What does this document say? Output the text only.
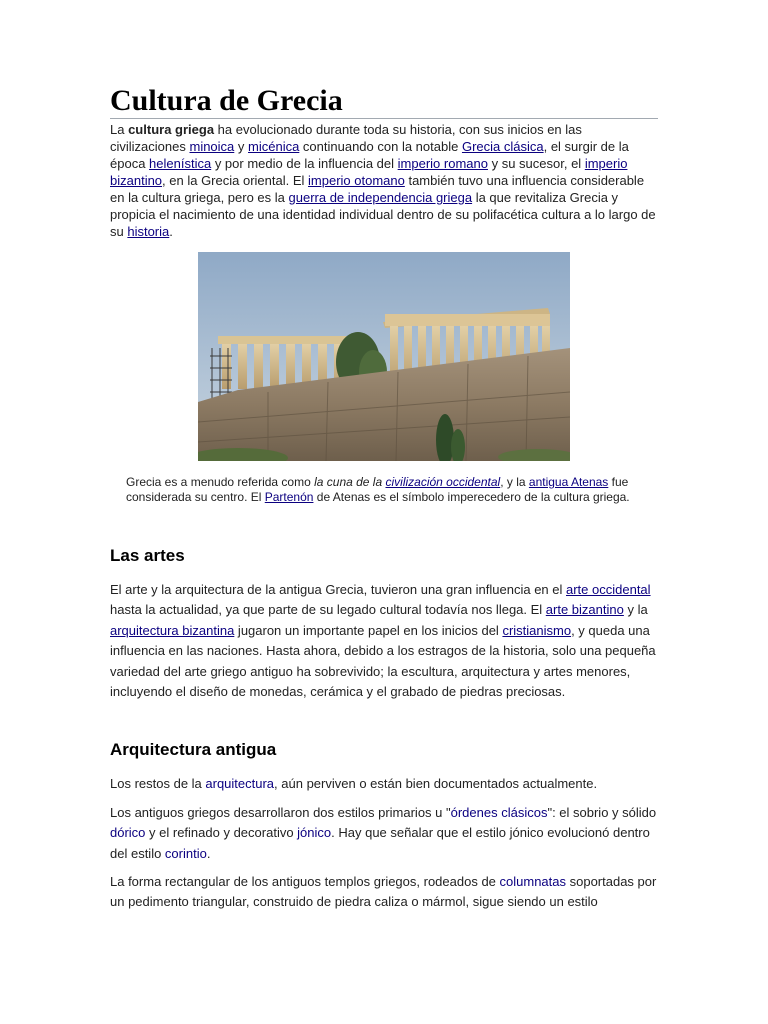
Cultura de Grecia

La cultura griega ha evolucionado durante toda su historia, con sus inicios en las civilizaciones minoica y micénica continuando con la notable Grecia clásica, el surgir de la época helenística y por medio de la influencia del imperio romano y su sucesor, el imperio bizantino, en la Grecia oriental. El imperio otomano también tuvo una influencia considerable en la cultura griega, pero es la guerra de independencia griega la que revitaliza Grecia y propicia el nacimiento de una identidad individual dentro de su polifacética cultura a lo largo de su historia.

Grecia es a menudo referida como la cuna de la civilización occidental, y la antigua Atenas fue considerada su centro. El Partenón de Atenas es el símbolo imperecedero de la cultura griega.
Las artes

El arte y la arquitectura de la antigua Grecia, tuvieron una gran influencia en el arte occidental hasta la actualidad, ya que parte de su legado cultural todavía nos llega. El arte bizantino y la arquitectura bizantina jugaron un importante papel en los inicios del cristianismo, y queda una influencia en las naciones. Hasta ahora, debido a los estragos de la historia, solo una pequeña variedad del arte griego antiguo ha sobrevivido; la escultura, arquitectura y artes menores, incluyendo el diseño de monedas, cerámica y el grabado de piedras preciosas.

Arquitectura antigua

Los restos de la arquitectura, aún perviven o están bien documentados actualmente.

Los antiguos griegos desarrollaron dos estilos primarios u "órdenes clásicos": el sobrio y sólido dórico y el refinado y decorativo jónico. Hay que señalar que el estilo jónico evolucionó dentro del estilo corintio.

La forma rectangular de los antiguos templos griegos, rodeados de columnatas soportadas por un pedimento triangular, construido de piedra caliza o mármol, sigue siendo un estilo
